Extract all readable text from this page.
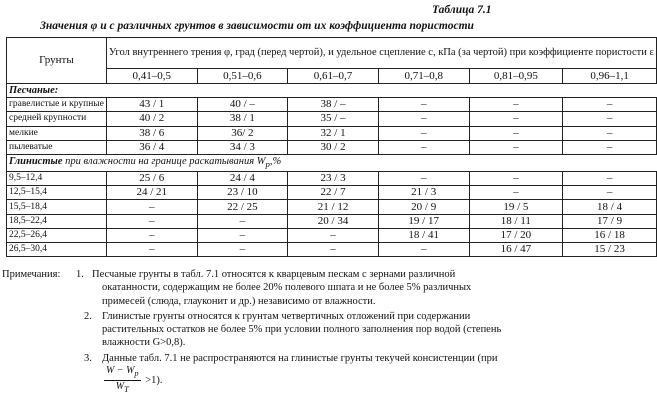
Таблица 7.1
Значения φ и c различных грунтов в зависимости от их коэффициента пористости
Грунты	Угол внутреннего трения φ, град (перед чертой), и удельное сцепление c, кПа (за чертой) при коэффициенте пористости ε					
	0,41–0,5	0,51–0,6	0,61–0,7	0,71–0,8	0,81–0,95	0,96–1,1
Песчаные:						
гравелистые и крупные	43 / 1	40 / –	38 / –	–	–	–
средней крупности	40 / 2	38 / 1	35 / –	–	–	–
мелкие	38 / 6	36/ 2	32 / 1	–	–	–
пылеватые	36 / 4	34 / 3	30 / 2	–	–	–
Глинистые при влажности на границе раскатывания $W_p,\%$						
9,5–12,4	25 / 6	24 / 4	23 / 3	–	–	–
12,5–15,4	24 / 21	23 / 10	22 / 7	21 / 3	–	–
15,5–18,4	–	22 / 25	21 / 12	20 / 9	19 / 5	18 / 4
18,5–22,4	–	–	20 / 34	19 / 17	18 / 11	17 / 9
22,5–26,4	–	–	–	18 / 41	17 / 20	16 / 18
26,5–30,4	–	–	–	–	16 / 47	15 / 23

Примечания: 1. Песчаные грунты в табл. 7.1 относятся к кварцевым пескам с зернами различной окатанности, содержащим не более 20% полевого шпата и не более 5% различных примесей (слюда, глауконит и др.) независимо от влажности.

2. Глинистые грунты относятся к грунтам четвертичных отложений при содержании растительных остатков не более 5% при условии полного заполнения пор водой (степень влажности G>0,8).

3. Данные табл. 7.1 не распространяются на глинистые грунты текучей консистенции (при
$\frac{W - W_p}{W_T} >1$).
